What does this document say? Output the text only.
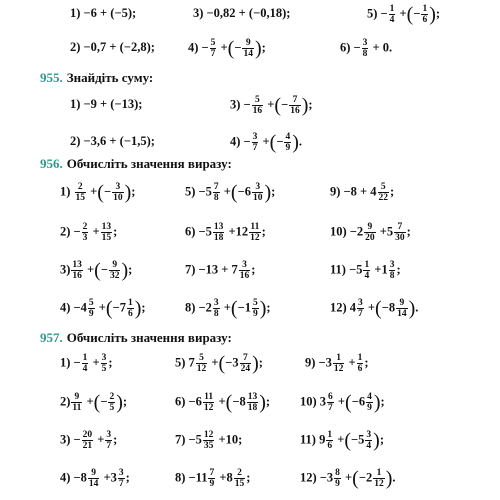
1) −6 + (−5);	3) −0,82 + (−0,18);	$5) - \frac{1}{4}$ +(− $\frac{1}{6}$ );
2) −0,7 + (−2,8);	$4) - \frac{5}{7}$ +(− $\frac{9}{14}$ );	$6) - \frac{3}{8} + 0$.
955. Знайдіть суму:
1) −9 + (−13);	$3) - \frac{5}{16}$ +(− $\frac{7}{16}$ );
2) −3,6 + (−1,5);	$4) - \frac{3}{7}$ +(− $\frac{4}{9}$ ).
956. Обчисліть значення виразу:
$1) \frac{2}{15}$ +(− $\frac{3}{10}$ );	$5) -5 \frac{7}{8} +(-6 \frac{3}{10}$ );	$9) -8 + 4 \frac{5}{22}$ ;
$2) - \frac{2}{3} + \frac{13}{15}$ ;	$6) -5 \frac{13}{18} +12 \frac{11}{12}$ ;	$10) -2 \frac{9}{20} +5 \frac{7}{30}$ ;
$3) \frac{13}{16}$ +(− $\frac{9}{32}$ );	$7) -13 + 7 \frac{3}{16}$ ;	$11) -5 \frac{1}{4} +1 \frac{3}{8}$ ;
$4) -4 \frac{5}{9} +(-7 \frac{1}{6}$ );	$8) -2 \frac{3}{8} +(-1 \frac{5}{9}$ );	12) $4 \frac{3}{7} +(-8 \frac{9}{14}$ ).
957. Обчисліть значення виразу:
$1) - \frac{1}{4} + \frac{3}{5}$ ;	5) $7 \frac{5}{12} +(-3 \frac{7}{24}$ );	$9) -3 \frac{1}{12} + \frac{1}{6}$ ;
$2) \frac{9}{11}$ +(− $\frac{2}{5}$ );	$6) -6 \frac{11}{12} +(-8 \frac{13}{18}$ ); 10) $3 \frac{6}{7} +(-6 \frac{4}{9}$ );
$3) - \frac{20}{21} + \frac{3}{7}$ ;	$7) -5 \frac{12}{35} +10$;	11) $9 \frac{1}{6} +(-5 \frac{3}{4}$ );
$4) -8 \frac{9}{14} +3 \frac{3}{7}$ ;	$8) -11 \frac{7}{9} +8 \frac{2}{15}$ ;	$12) -3 \frac{8}{9} +(-2 \frac{1}{12}$ ).
